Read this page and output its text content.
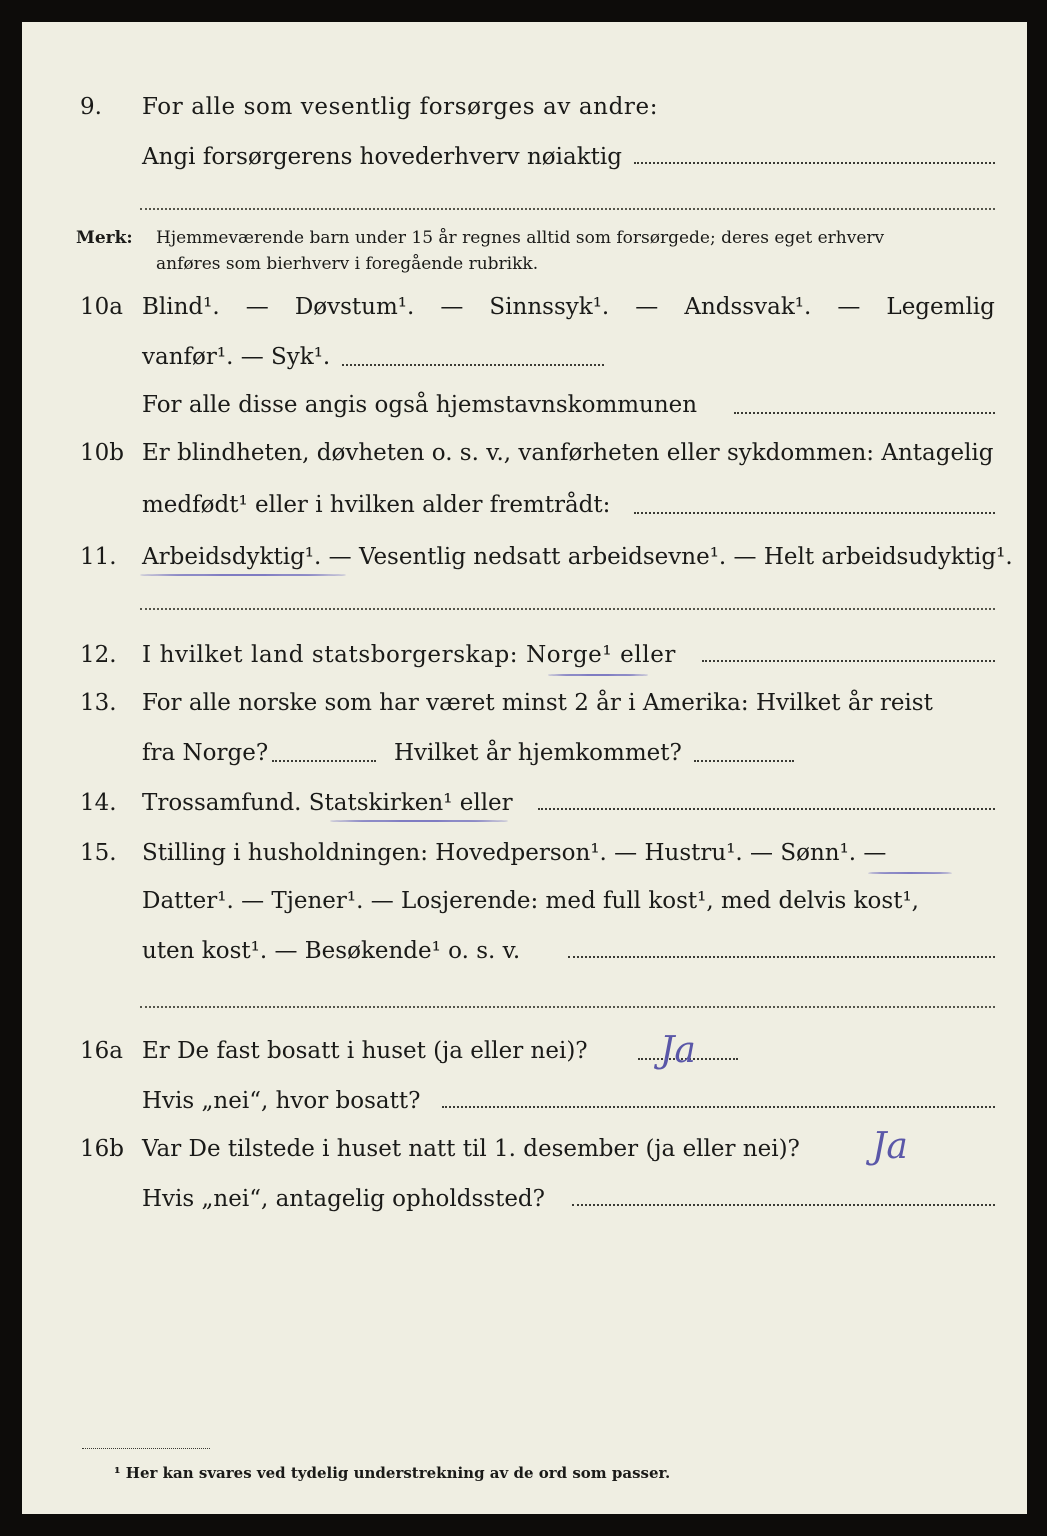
9. For alle som vesentlig forsørges av andre:
Angi forsørgerens hovederhverv nøiaktig
Merk: Hjemmeværende barn under 15 år regnes alltid som forsørgede; deres eget erhverv
anføres som bierhverv i foregående rubrikk.
10a Blind¹. — Døvstum¹. — Sinnssyk¹. — Andssvak¹. — Legemlig
vanfør¹. — Syk¹.
For alle disse angis også hjemstavnskommunen
10b Er blindheten, døvheten o. s. v., vanførheten eller sykdommen: Antagelig
medfødt¹ eller i hvilken alder fremtrådt:
11. Arbeidsdyktig¹. — Vesentlig nedsatt arbeidsevne¹. — Helt arbeidsudyktig¹.
12. I hvilket land statsborgerskap: Norge¹ eller
13. For alle norske som har været minst 2 år i Amerika: Hvilket år reist
fra Norge?	Hvilket år hjemkommet?
14. Trossamfund. Statskirken¹ eller
15. Stilling i husholdningen: Hovedperson¹. — Hustru¹. — Sønn¹. —
Datter¹. — Tjener¹. — Losjerende: med full kost¹, med delvis kost¹,
uten kost¹. — Besøkende¹ o. s. v.
16a Er De fast bosatt i huset (ja eller nei)? Ja
Hvis „nei“, hvor bosatt?
16b Var De tilstede i huset natt til 1. desember (ja eller nei)? Ja
Hvis „nei“, antagelig opholdssted?
¹ Her kan svares ved tydelig understrekning av de ord som passer.
